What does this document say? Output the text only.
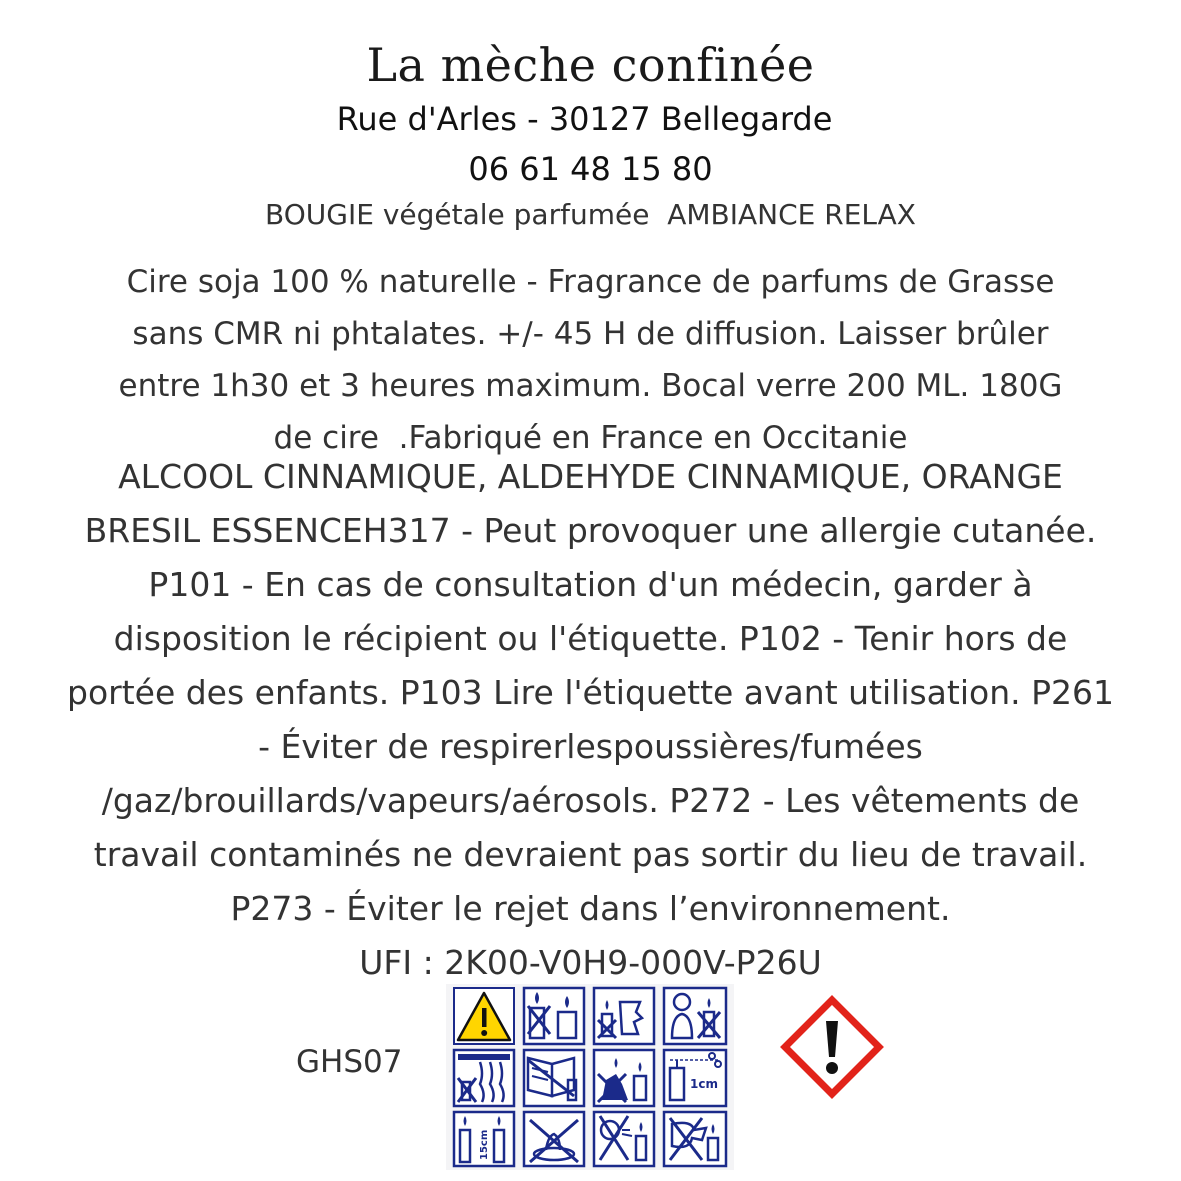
La mèche confinée
Rue d'Arles - 30127 Bellegarde
06 61 48 15 80
BOUGIE végétale parfumée  AMBIANCE RELAX
Cire soja 100 % naturelle - Fragrance de parfums de Grasse
sans CMR ni phtalates. +/- 45 H de diffusion. Laisser brûler
entre 1h30 et 3 heures maximum. Bocal verre 200 ML. 180G
de cire  .Fabriqué en France en Occitanie
ALCOOL CINNAMIQUE, ALDEHYDE CINNAMIQUE, ORANGE
BRESIL ESSENCEH317 - Peut provoquer une allergie cutanée.
P101 - En cas de consultation d'un médecin, garder à
disposition le récipient ou l'étiquette. P102 - Tenir hors de
portée des enfants. P103 Lire l'étiquette avant utilisation. P261
- Éviter de respirerlespoussières/fumées
/gaz/brouillards/vapeurs/aérosols. P272 - Les vêtements de
travail contaminés ne devraient pas sortir du lieu de travail.
P273 - Éviter le rejet dans l’environnement.
UFI : 2K00-V0H9-000V-P26U
GHS07
1cm
15cm
